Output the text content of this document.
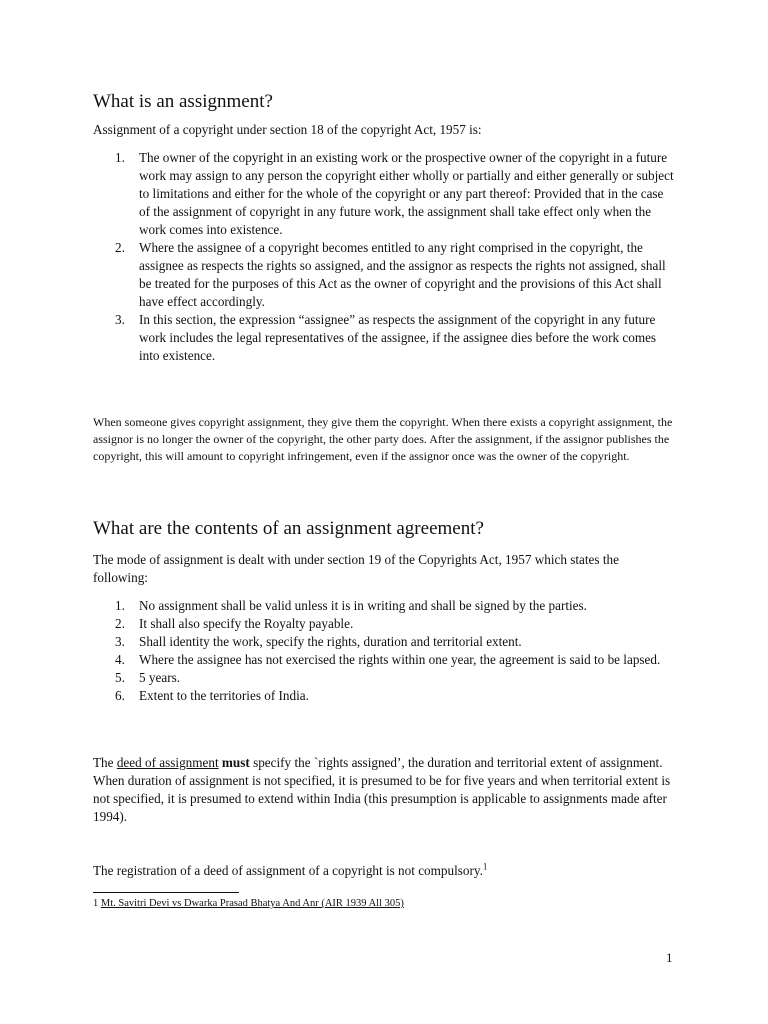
What is an assignment?

Assignment of a copyright under section 18 of the copyright Act, 1957 is:

1. The owner of the copyright in an existing work or the prospective owner of the copyright in a future work may assign to any person the copyright either wholly or partially and either generally or subject to limitations and either for the whole of the copyright or any part thereof: Provided that in the case of the assignment of copyright in any future work, the assignment shall take effect only when the work comes into existence.
2. Where the assignee of a copyright becomes entitled to any right comprised in the copyright, the assignee as respects the rights so assigned, and the assignor as respects the rights not assigned, shall be treated for the purposes of this Act as the owner of copyright and the provisions of this Act shall have effect accordingly.
3. In this section, the expression “assignee” as respects the assignment of the copyright in any future work includes the legal representatives of the assignee, if the assignee dies before the work comes into existence.

When someone gives copyright assignment, they give them the copyright. When there exists a copyright assignment, the assignor is no longer the owner of the copyright, the other party does. After the assignment, if the assignor publishes the copyright, this will amount to copyright infringement, even if the assignor once was the owner of the copyright.

What are the contents of an assignment agreement?

The mode of assignment is dealt with under section 19 of the Copyrights Act, 1957 which states the following:

1. No assignment shall be valid unless it is in writing and shall be signed by the parties.
2. It shall also specify the Royalty payable.
3. Shall identity the work, specify the rights, duration and territorial extent.
4. Where the assignee has not exercised the rights within one year, the agreement is said to be lapsed.
5. 5 years.
6. Extent to the territories of India.

The deed of assignment must specify the `rights assigned’, the duration and territorial extent of assignment. When duration of assignment is not specified, it is presumed to be for five years and when territorial extent is not specified, it is presumed to extend within India (this presumption is applicable to assignments made after 1994).

The registration of a deed of assignment of a copyright is not compulsory.$^1$

1 Mt. Savitri Devi vs Dwarka Prasad Bhatya And Anr (AIR 1939 All 305)
1
